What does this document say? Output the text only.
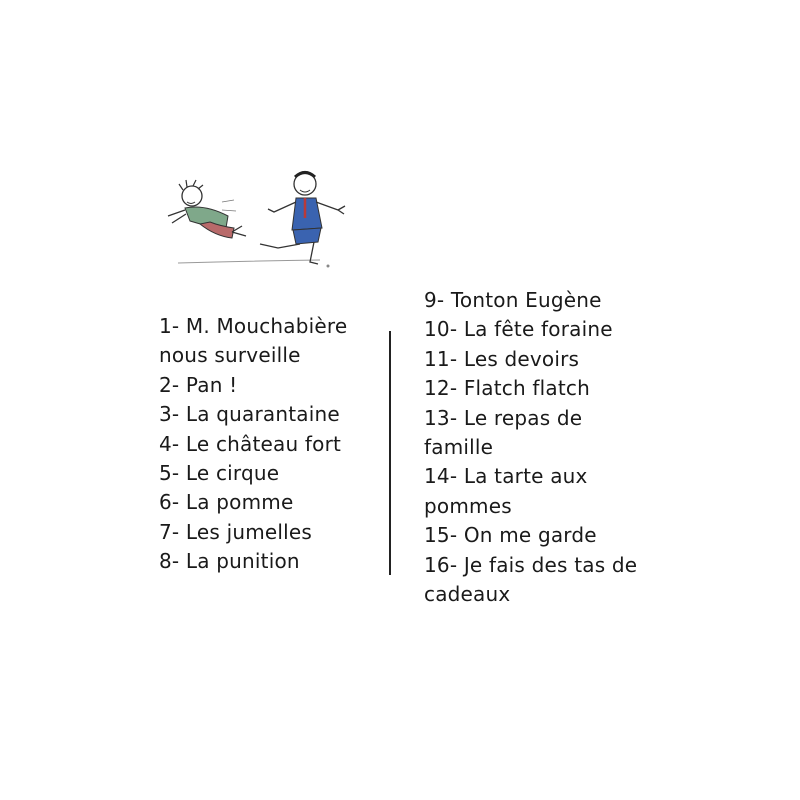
1- M. Mouchabière nous surveille
2- Pan !
3- La quarantaine
4- Le château fort
5- Le cirque
6- La pomme
7- Les jumelles
8- La punition
9- Tonton Eugène
10- La fête foraine
11- Les devoirs
12- Flatch flatch
13- Le repas de famille
14- La tarte aux pommes
15- On me garde
16- Je fais des tas de cadeaux
